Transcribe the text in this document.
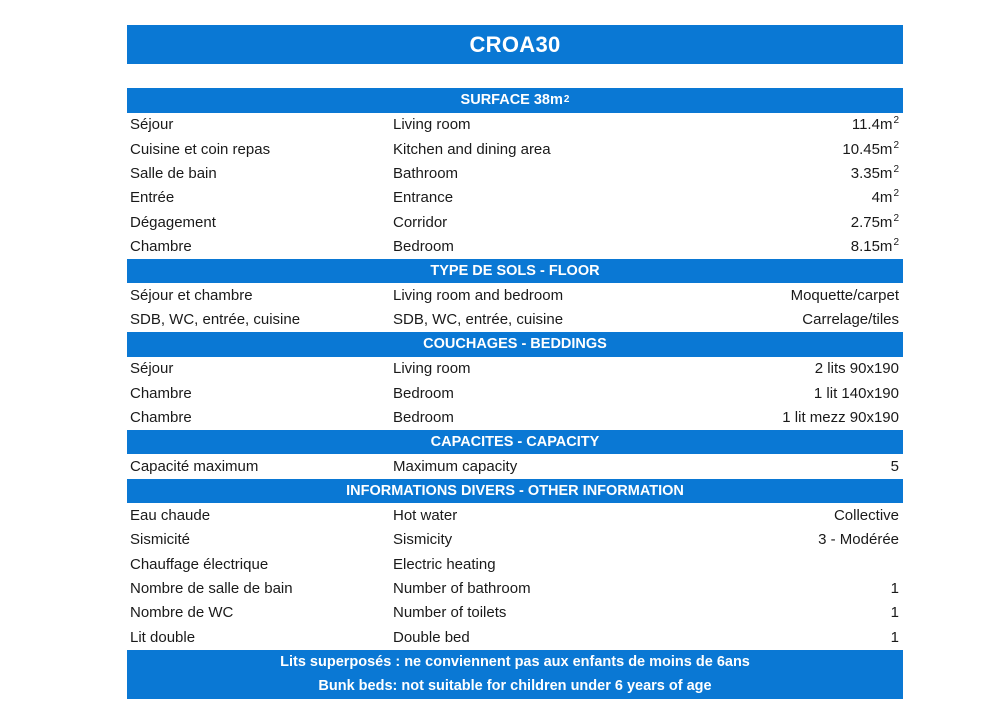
CROA30
SURFACE 38m 2
Séjour	Living room	$11.4m^2$
Cuisine et coin repas	Kitchen and dining area	$10.45m^2$
Salle de bain	Bathroom	$3.35m^2$
Entrée	Entrance	$4m^2$
Dégagement	Corridor	$2.75m^2$
Chambre	Bedroom	$8.15m^2$
TYPE DE SOLS - FLOOR
Séjour et chambre	Living room and bedroom	Moquette/carpet
SDB, WC, entrée, cuisine	SDB, WC, entrée, cuisine	Carrelage/tiles
COUCHAGES - BEDDINGS
Séjour	Living room	2 lits 90x190
Chambre	Bedroom	1 lit 140x190
Chambre	Bedroom	1 lit mezz 90x190
CAPACITES - CAPACITY
Capacité maximum	Maximum capacity	5
INFORMATIONS DIVERS - OTHER INFORMATION
Eau chaude	Hot water	Collective
Sismicité	Sismicity	3 - Modérée
Chauffage électrique	Electric heating
Nombre de salle de bain	Number of bathroom	1
Nombre de WC	Number of toilets	1
Lit double	Double bed	1
Lits superposés : ne conviennent pas aux enfants de moins de 6ans
Bunk beds: not suitable for children under 6 years of age
